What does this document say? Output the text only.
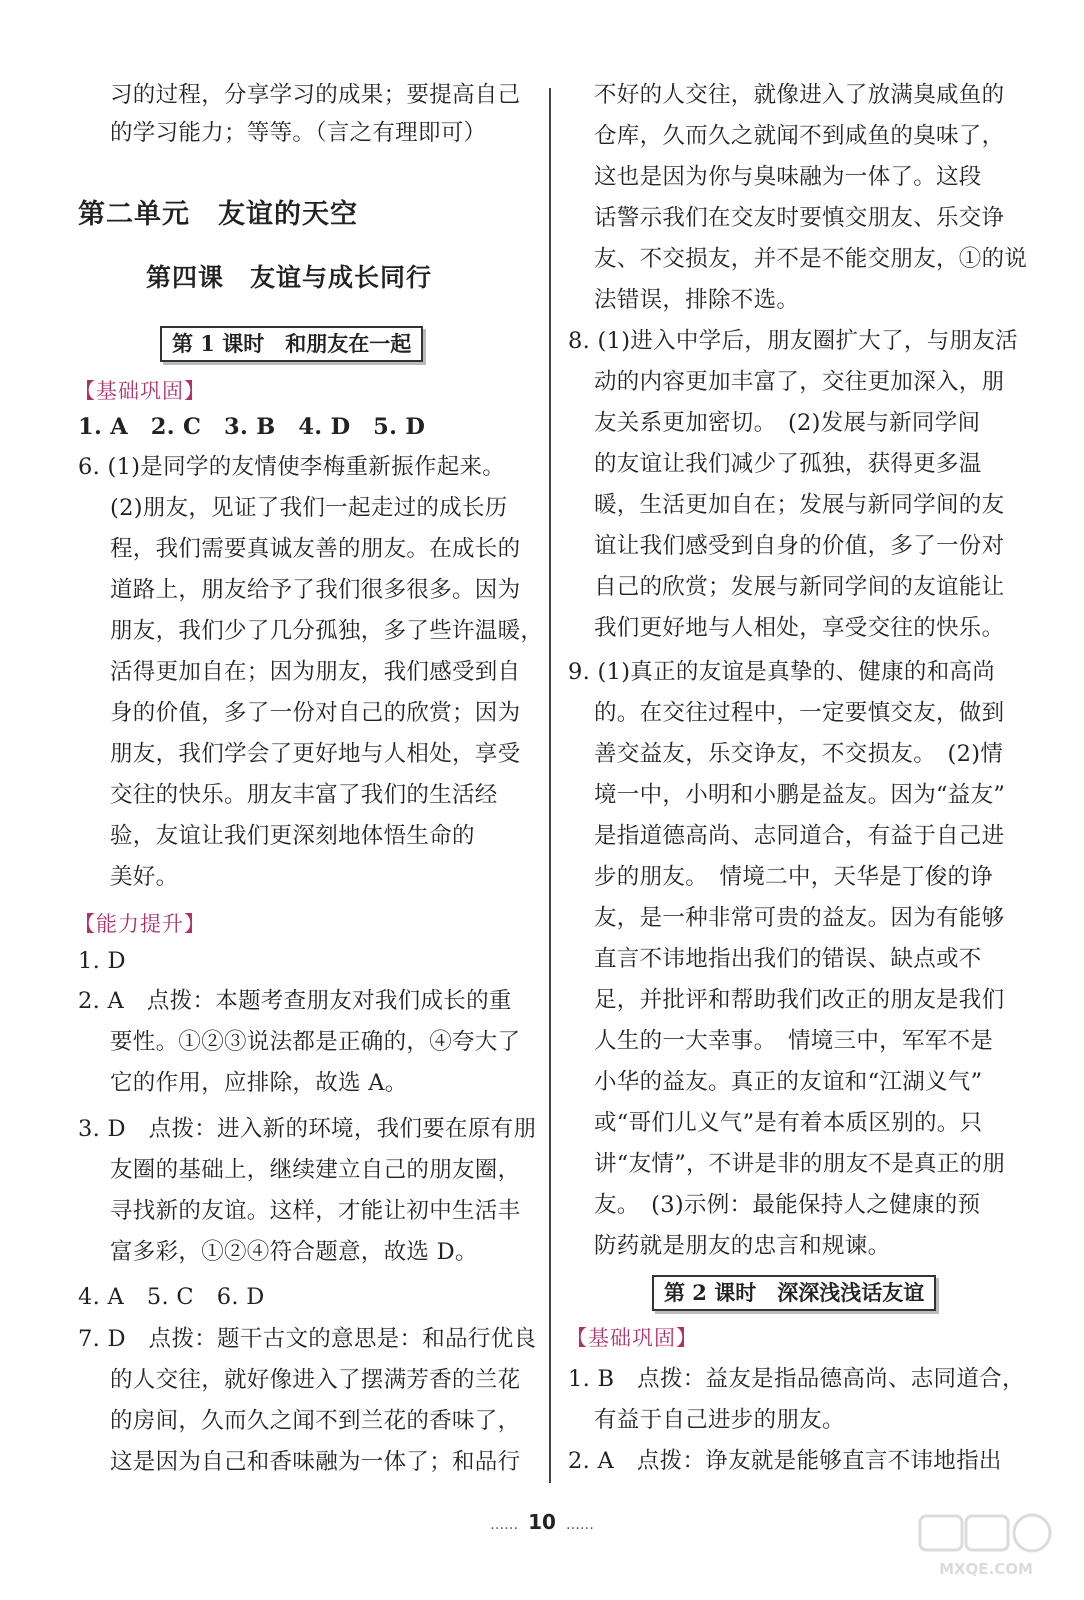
习的过程，分享学习的成果；要提高自己
的学习能力；等等。（言之有理即可）
第二单元　友谊的天空
第四课　友谊与成长同行
第 1 课时　和朋友在一起
【基础巩固】
1. A　2. C　3. B　4. D　5. D
6. (1)是同学的友情使李梅重新振作起来。
(2)朋友，见证了我们一起走过的成长历
程，我们需要真诚友善的朋友。在成长的
道路上，朋友给予了我们很多很多。因为
朋友，我们少了几分孤独，多了些许温暖，
活得更加自在；因为朋友，我们感受到自
身的价值，多了一份对自己的欣赏；因为
朋友，我们学会了更好地与人相处，享受
交往的快乐。朋友丰富了我们的生活经
验，友谊让我们更深刻地体悟生命的
美好。
【能力提升】
1. D
2. A　点拨：本题考查朋友对我们成长的重
要性。①②③说法都是正确的，④夸大了
它的作用，应排除，故选 A。
3. D　点拨：进入新的环境，我们要在原有朋
友圈的基础上，继续建立自己的朋友圈，
寻找新的友谊。这样，才能让初中生活丰
富多彩，①②④符合题意，故选 D。
4. A　5. C　6. D
7. D　点拨：题干古文的意思是：和品行优良
的人交往，就好像进入了摆满芳香的兰花
的房间，久而久之闻不到兰花的香味了，
这是因为自己和香味融为一体了；和品行
不好的人交往，就像进入了放满臭咸鱼的
仓库，久而久之就闻不到咸鱼的臭味了，
这也是因为你与臭味融为一体了。这段
话警示我们在交友时要慎交朋友、乐交诤
友、不交损友，并不是不能交朋友，①的说
法错误，排除不选。
8. (1)进入中学后，朋友圈扩大了，与朋友活
动的内容更加丰富了，交往更加深入，朋
友关系更加密切。　(2)发展与新同学间
的友谊让我们减少了孤独，获得更多温
暖，生活更加自在；发展与新同学间的友
谊让我们感受到自身的价值，多了一份对
自己的欣赏；发展与新同学间的友谊能让
我们更好地与人相处，享受交往的快乐。
9. (1)真正的友谊是真挚的、健康的和高尚
的。在交往过程中，一定要慎交友，做到
善交益友，乐交诤友，不交损友。　(2)情
境一中，小明和小鹏是益友。因为“益友”
是指道德高尚、志同道合，有益于自己进
步的朋友。　情境二中，天华是丁俊的诤
友，是一种非常可贵的益友。因为有能够
直言不讳地指出我们的错误、缺点或不
足，并批评和帮助我们改正的朋友是我们
人生的一大幸事。　情境三中，军军不是
小华的益友。真正的友谊和“江湖义气”
或“哥们儿义气”是有着本质区别的。只
讲“友情”，不讲是非的朋友不是真正的朋
友。　(3)示例：最能保持人之健康的预
防药就是朋友的忠言和规谏。
第 2 课时　深深浅浅话友谊
【基础巩固】
1. B　点拨：益友是指品德高尚、志同道合，
有益于自己进步的朋友。
2. A　点拨：诤友就是能够直言不讳地指出
…… 10 ……
MXQE.COM
